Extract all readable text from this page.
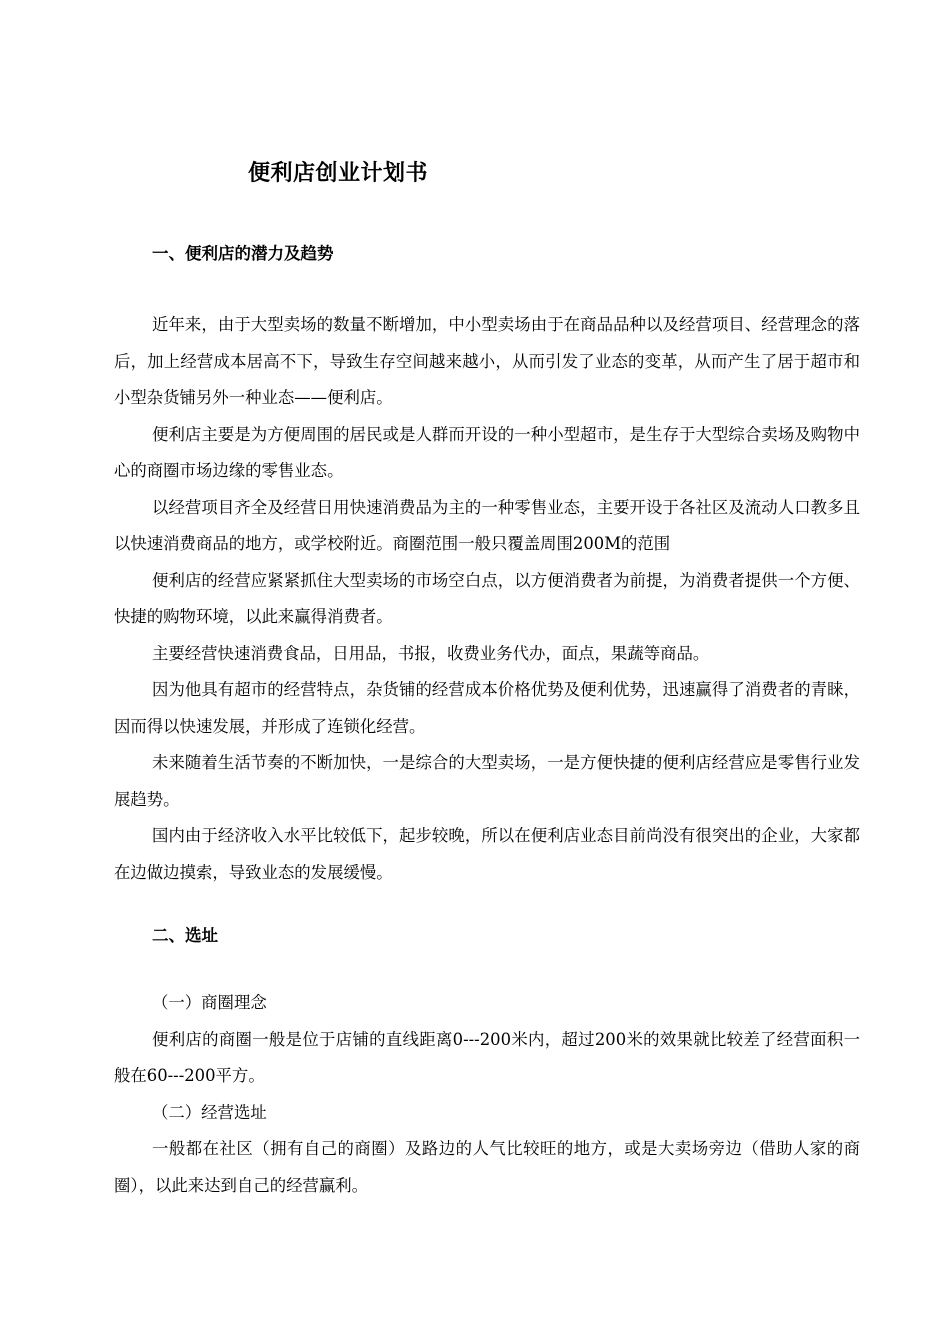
便利店创业计划书
一、便利店的潜力及趋势

近年来，由于大型卖场的数量不断增加，中小型卖场由于在商品品种以及经营项目、经营理念的落后，加上经营成本居高不下，导致生存空间越来越小，从而引发了业态的变革，从而产生了居于超市和小型杂货铺另外一种业态——便利店。

便利店主要是为方便周围的居民或是人群而开设的一种小型超市，是生存于大型综合卖场及购物中心的商圈市场边缘的零售业态。

以经营项目齐全及经营日用快速消费品为主的一种零售业态，主要开设于各社区及流动人口教多且以快速消费商品的地方，或学校附近。商圈范围一般只覆盖周围200M的范围

便利店的经营应紧紧抓住大型卖场的市场空白点，以方便消费者为前提，为消费者提供一个方便、快捷的购物环境，以此来赢得消费者。

主要经营快速消费食品，日用品，书报，收费业务代办，面点，果蔬等商品。

因为他具有超市的经营特点，杂货铺的经营成本价格优势及便利优势，迅速赢得了消费者的青睐，因而得以快速发展，并形成了连锁化经营。

未来随着生活节奏的不断加快，一是综合的大型卖场，一是方便快捷的便利店经营应是零售行业发展趋势。

国内由于经济收入水平比较低下，起步较晚，所以在便利店业态目前尚没有很突出的企业，大家都在边做边摸索，导致业态的发展缓慢。

二、选址

（一）商圈理念

便利店的商圈一般是位于店铺的直线距离0---200米内，超过200米的效果就比较差了经营面积一般在60---200平方。

（二）经营选址

一般都在社区（拥有自己的商圈）及路边的人气比较旺的地方，或是大卖场旁边（借助人家的商圈），以此来达到自己的经营赢利。
